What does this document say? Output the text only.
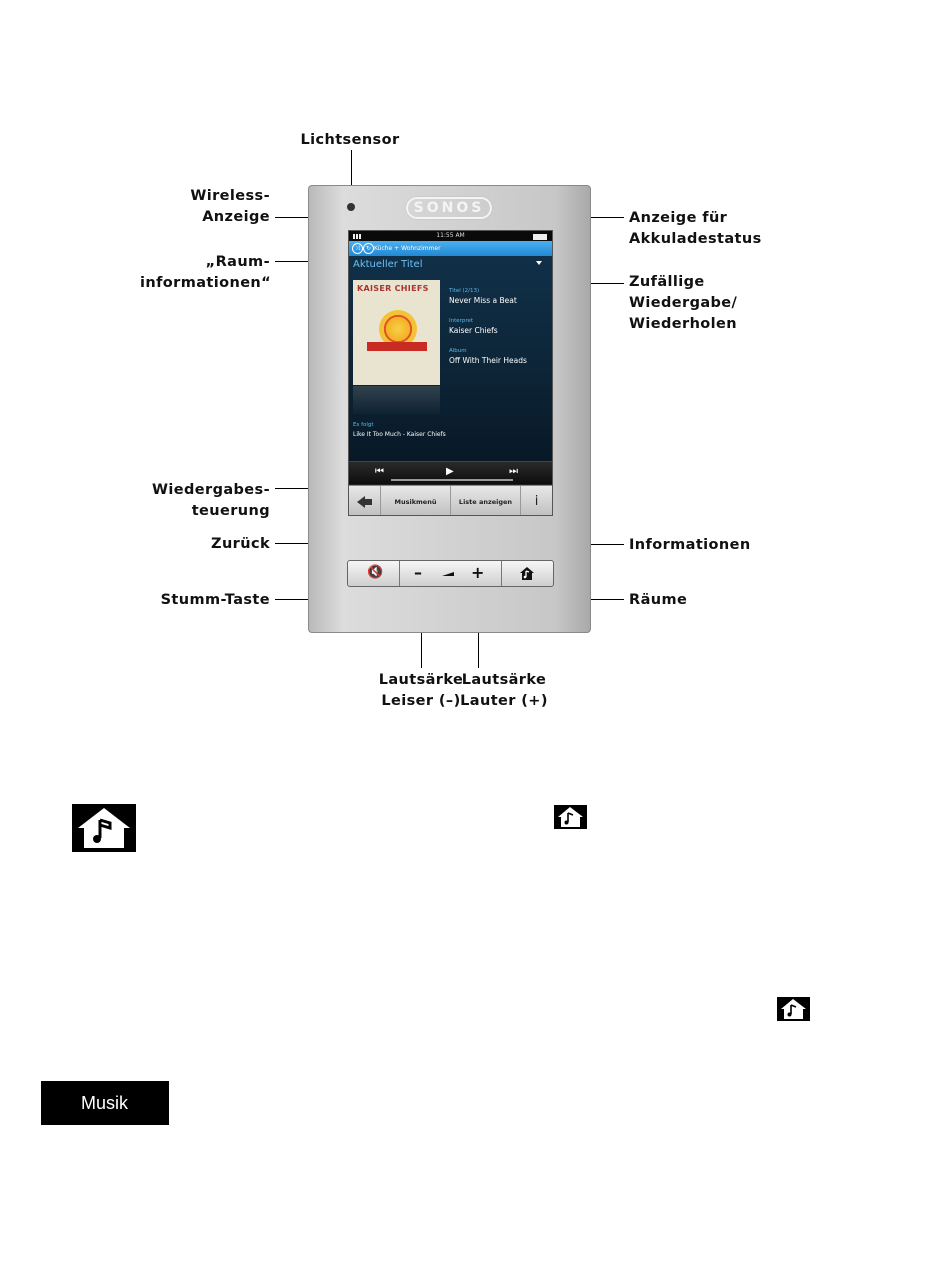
Lichtsensor
Wireless-
Anzeige
„Raum-
informationen“
Anzeige für
Akkuladestatus
Zufällige
Wiedergabe/
Wiederholen
Wiedergabes-
teuerung
Zurück	Informationen
Stumm-Taste	Räume
Lautsärke
Leiser (–)
Lautsärke
Lauter (+)
SONOS
11:55 AM
⤨	↻ Küche + Wohnzimmer
Aktueller Titel
KAISER CHIEFS	Titel (2/13)
Never Miss a Beat
Interpret
Kaiser Chiefs
Album
Off With Their Heads
Es folgt
Like It Too Much - Kaiser Chiefs
⏮	▶	⏭
Musikmenü	Liste anzeigen	i
🔇 –	+
Musik
